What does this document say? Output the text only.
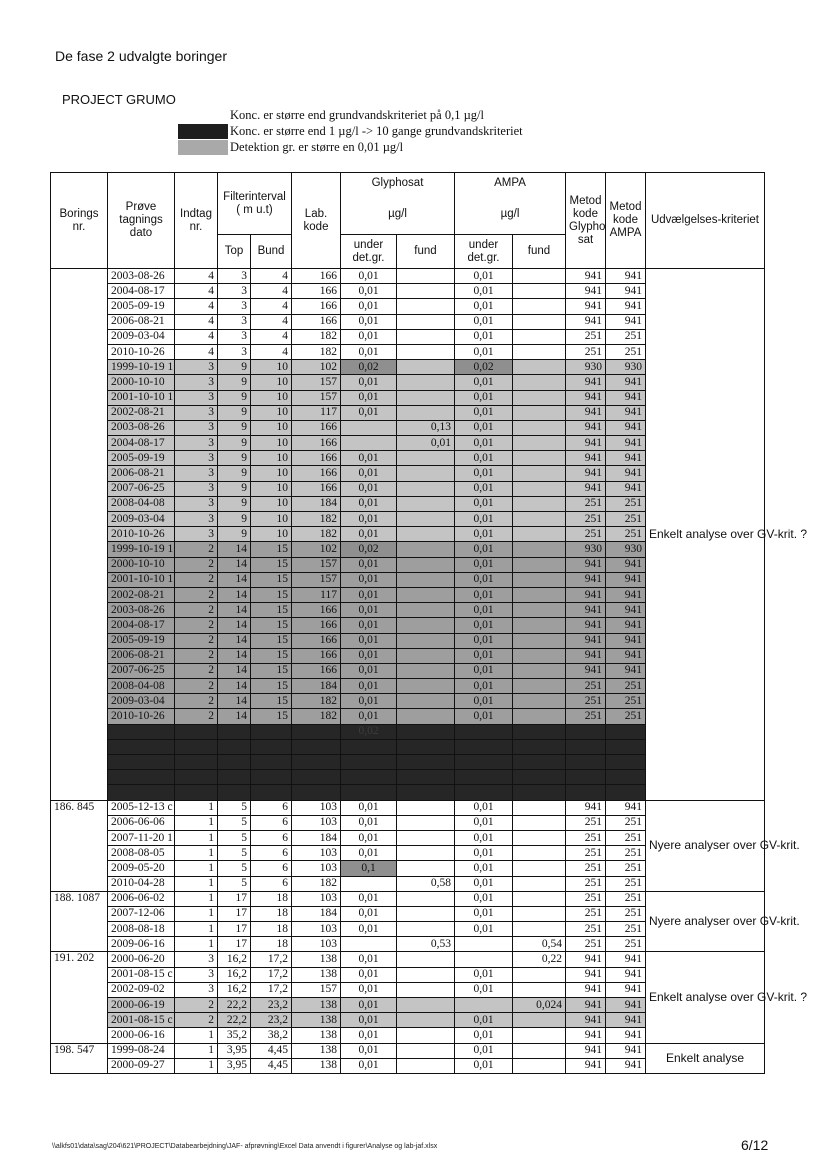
De fase 2 udvalgte boringer
PROJECT GRUMO
Konc. er større end grundvandskriteriet på 0,1 µg/l
Konc. er større end 1 µg/l -> 10 gange grundvandskriteriet
Detektion gr. er større en 0,01 µg/l
Borings nr.	Prøve tagnings dato	Indtag nr.	Filterinterval ( m u.t)		Lab. kode	Glyphosat		AMPA		Metod kode Glypho sat	Metod kode AMPA	Udvælgelses-kriteriet
						µg/l		µg/l				
			Top	Bund		under det.gr.	fund	under det.gr.	fund			
	2003-08-26	4	3	4	166	0,01		0,01		941	941	Enkelt analyse over GV-krit. ?
	2004-08-17	4	3	4	166	0,01		0,01		941	941	
	2005-09-19	4	3	4	166	0,01		0,01		941	941	
	2006-08-21	4	3	4	166	0,01		0,01		941	941	
	2009-03-04	4	3	4	182	0,01		0,01		251	251	
	2010-10-26	4	3	4	182	0,01		0,01		251	251	
	1999-10-19 1	3	9	10	102	0,02		0,02		930	930	
	2000-10-10	3	9	10	157	0,01		0,01		941	941	
	2001-10-10 1	3	9	10	157	0,01		0,01		941	941	
	2002-08-21	3	9	10	117	0,01		0,01		941	941	
	2003-08-26	3	9	10	166		0,13	0,01		941	941	
	2004-08-17	3	9	10	166		0,01	0,01		941	941	
	2005-09-19	3	9	10	166	0,01		0,01		941	941	
	2006-08-21	3	9	10	166	0,01		0,01		941	941	
	2007-06-25	3	9	10	166	0,01		0,01		941	941	
	2008-04-08	3	9	10	184	0,01		0,01		251	251	
	2009-03-04	3	9	10	182	0,01		0,01		251	251	
	2010-10-26	3	9	10	182	0,01		0,01		251	251	
	1999-10-19 1	2	14	15	102	0,02		0,01		930	930	
	2000-10-10	2	14	15	157	0,01		0,01		941	941	
	2001-10-10 1	2	14	15	157	0,01		0,01		941	941	
	2002-08-21	2	14	15	117	0,01		0,01		941	941	
	2003-08-26	2	14	15	166	0,01		0,01		941	941	
	2004-08-17	2	14	15	166	0,01		0,01		941	941	
	2005-09-19	2	14	15	166	0,01		0,01		941	941	
	2006-08-21	2	14	15	166	0,01		0,01		941	941	
	2007-06-25	2	14	15	166	0,01		0,01		941	941	
	2008-04-08	2	14	15	184	0,01		0,01		251	251	
	2009-03-04	2	14	15	182	0,01		0,01		251	251	
	2010-10-26	2	14	15	182	0,01		0,01		251	251	
						0,02						

186. 845	2005-12-13 c	1	5	6	103	0,01		0,01		941	941	Nyere analyser over GV-krit.
	2006-06-06	1	5	6	103	0,01		0,01		251	251	
	2007-11-20 1	1	5	6	184	0,01		0,01		251	251	
	2008-08-05	1	5	6	103	0,01		0,01		251	251	
	2009-05-20	1	5	6	103	0,1		0,01		251	251	
	2010-04-28	1	5	6	182		0,58	0,01		251	251	
188. 1087	2006-06-02	1	17	18	103	0,01		0,01		251	251	Nyere analyser over GV-krit.
	2007-12-06	1	17	18	184	0,01		0,01		251	251	
	2008-08-18	1	17	18	103	0,01		0,01		251	251	
	2009-06-16	1	17	18	103		0,53		0,54	251	251	
191. 202	2000-06-20	3	16,2	17,2	138	0,01			0,22	941	941	Enkelt analyse over GV-krit. ?
	2001-08-15 c	3	16,2	17,2	138	0,01		0,01		941	941	
	2002-09-02	3	16,2	17,2	157	0,01		0,01		941	941	
	2000-06-19	2	22,2	23,2	138	0,01			0,024	941	941	
	2001-08-15 c	2	22,2	23,2	138	0,01		0,01		941	941	
	2000-06-16	1	35,2	38,2	138	0,01		0,01		941	941	
198. 547	1999-08-24	1	3,95	4,45	138	0,01		0,01		941	941	Enkelt analyse
	2000-09-27	1	3,95	4,45	138	0,01		0,01		941	941	
\\alkfs01\data\sag\204\621\PROJECT\Databearbejdning\JAF- afprøvning\Excel Data anvendt i figurer\Analyse og lab-jaf.xlsx	6/12
